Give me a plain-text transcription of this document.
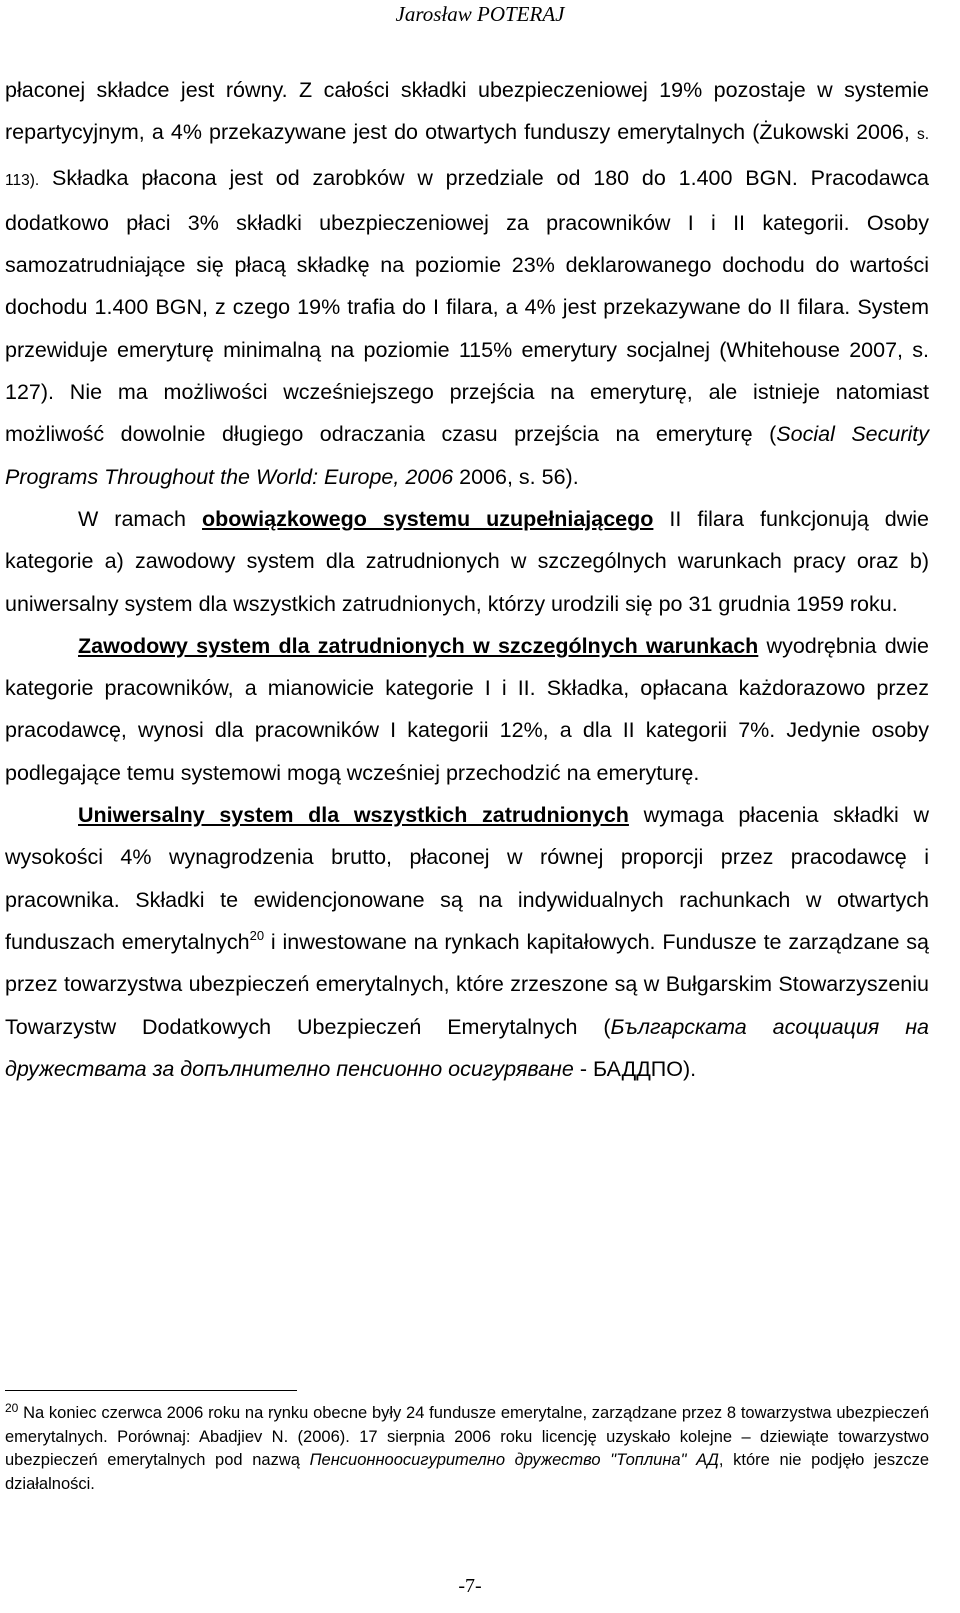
Jarosław POTERAJ

płaconej składce jest równy. Z całości składki ubezpieczeniowej 19% pozostaje w systemie repartycyjnym, a 4% przekazywane jest do otwartych funduszy emerytalnych (Żukowski 2006, s. 113). Składka płacona jest od zarobków w przedziale od 180 do 1.400 BGN. Pracodawca dodatkowo płaci 3% składki ubezpieczeniowej za pracowników I i II kategorii. Osoby samozatrudniające się płacą składkę na poziomie 23% deklarowanego dochodu do wartości dochodu 1.400 BGN, z czego 19% trafia do I filara, a 4% jest przekazywane do II filara. System przewiduje emeryturę minimalną na poziomie 115% emerytury socjalnej (Whitehouse 2007, s. 127). Nie ma możliwości wcześniejszego przejścia na emeryturę, ale istnieje natomiast możliwość dowolnie długiego odraczania czasu przejścia na emeryturę (Social Security Programs Throughout the World: Europe, 2006 2006, s. 56).

W ramach obowiązkowego systemu uzupełniającego II filara funkcjonują dwie kategorie a) zawodowy system dla zatrudnionych w szczególnych warunkach pracy oraz b) uniwersalny system dla wszystkich zatrudnionych, którzy urodzili się po 31 grudnia 1959 roku.

Zawodowy system dla zatrudnionych w szczególnych warunkach wyodrębnia dwie kategorie pracowników, a mianowicie kategorie I i II. Składka, opłacana każdorazowo przez pracodawcę, wynosi dla pracowników I kategorii 12%, a dla II kategorii 7%. Jedynie osoby podlegające temu systemowi mogą wcześniej przechodzić na emeryturę.

Uniwersalny system dla wszystkich zatrudnionych wymaga płacenia składki w wysokości 4% wynagrodzenia brutto, płaconej w równej proporcji przez pracodawcę i pracownika. Składki te ewidencjonowane są na indywidualnych rachunkach w otwartych funduszach emerytalnych$^{20}$ i inwestowane na rynkach kapitałowych. Fundusze te zarządzane są przez towarzystwa ubezpieczeń emerytalnych, które zrzeszone są w Bułgarskim Stowarzyszeniu Towarzystw Dodatkowych Ubezpieczeń Emerytalnych (Българската асоциация на дружествата за допълнително пенсионно осигуряване - БАДДПО).

$^{20}$ Na koniec czerwca 2006 roku na rynku obecne były 24 fundusze emerytalne, zarządzane przez 8 towarzystwa ubezpieczeń emerytalnych. Porównaj: Abadjiev N. (2006). 17 sierpnia 2006 roku licencję uzyskało kolejne – dziewiąte towarzystwo ubezpieczeń emerytalnych pod nazwą Пенсионноосигурително дружество "Топлина" АД, które nie podjęło jeszcze działalności.
-7-
